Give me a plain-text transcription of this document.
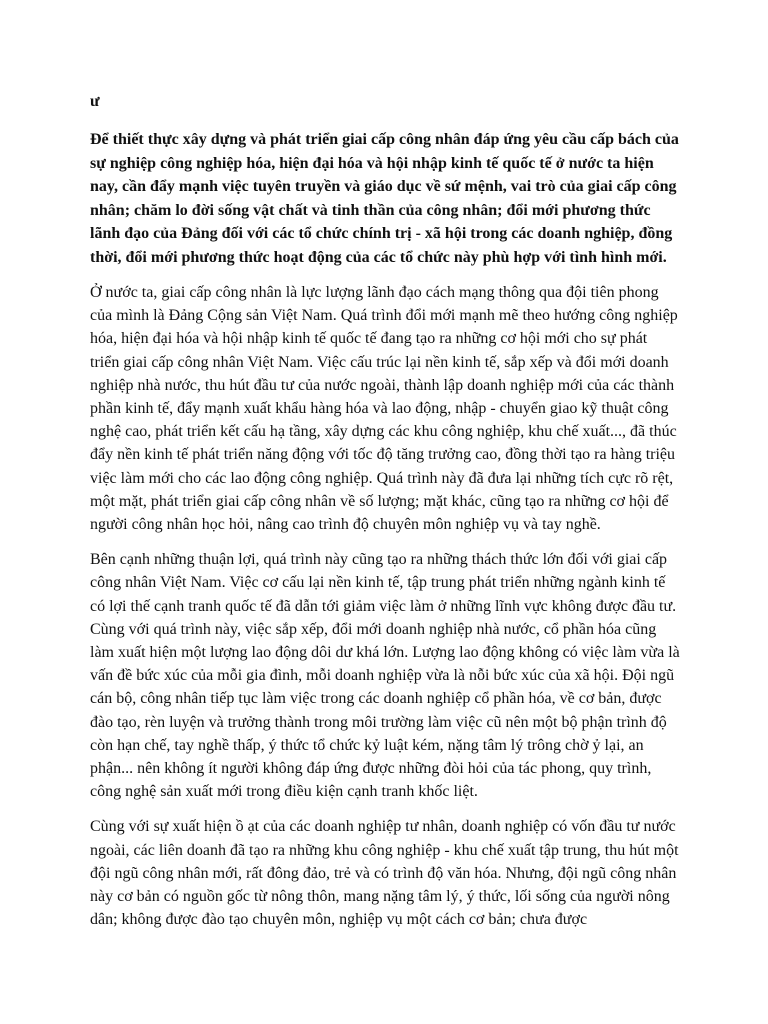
ư

Để thiết thực xây dựng và phát triển giai cấp công nhân đáp ứng yêu cầu cấp bách của sự nghiệp công nghiệp hóa, hiện đại hóa và hội nhập kinh tế quốc tế ở nước ta hiện nay, cần đẩy mạnh việc tuyên truyền và giáo dục về sứ mệnh, vai trò của giai cấp công nhân; chăm lo đời sống vật chất và tinh thần của công nhân; đổi mới phương thức lãnh đạo của Đảng đối với các tổ chức chính trị - xã hội trong các doanh nghiệp, đồng thời, đổi mới phương thức hoạt động của các tổ chức này phù hợp với tình hình mới.

Ở nước ta, giai cấp công nhân là lực lượng lãnh đạo cách mạng thông qua đội tiên phong của mình là Đảng Cộng sản Việt Nam. Quá trình đổi mới mạnh mẽ theo hướng công nghiệp hóa, hiện đại hóa và hội nhập kinh tế quốc tế đang tạo ra những cơ hội mới cho sự phát triển giai cấp công nhân Việt Nam. Việc cấu trúc lại nền kinh tế, sắp xếp và đổi mới doanh nghiệp nhà nước, thu hút đầu tư của nước ngoài, thành lập doanh nghiệp mới của các thành phần kinh tế, đẩy mạnh xuất khẩu hàng hóa và lao động, nhập - chuyển giao kỹ thuật công nghệ cao, phát triển kết cấu hạ tầng, xây dựng các khu công nghiệp, khu chế xuất..., đã thúc đẩy nền kinh tế phát triển năng động với tốc độ tăng trưởng cao, đồng thời tạo ra hàng triệu việc làm mới cho các lao động công nghiệp. Quá trình này đã đưa lại những tích cực rõ rệt, một mặt, phát triển giai cấp công nhân về số lượng; mặt khác, cũng tạo ra những cơ hội để người công nhân học hỏi, nâng cao trình độ chuyên môn nghiệp vụ và tay nghề.

Bên cạnh những thuận lợi, quá trình này cũng tạo ra những thách thức lớn đối với giai cấp công nhân Việt Nam. Việc cơ cấu lại nền kinh tế, tập trung phát triển những ngành kinh tế có lợi thế cạnh tranh quốc tế đã dẫn tới giảm việc làm ở những lĩnh vực không được đầu tư. Cùng với quá trình này, việc sắp xếp, đổi mới doanh nghiệp nhà nước, cổ phần hóa cũng làm xuất hiện một lượng lao động dôi dư khá lớn. Lượng lao động không có việc làm vừa là vấn đề bức xúc của mỗi gia đình, mỗi doanh nghiệp vừa là nỗi bức xúc của xã hội. Đội ngũ cán bộ, công nhân tiếp tục làm việc trong các doanh nghiệp cổ phần hóa, về cơ bản, được đào tạo, rèn luyện và trưởng thành trong môi trường làm việc cũ nên một bộ phận trình độ còn hạn chế, tay nghề thấp, ý thức tổ chức kỷ luật kém, nặng tâm lý trông chờ ỷ lại, an phận... nên không ít người không đáp ứng được những đòi hỏi của tác phong, quy trình, công nghệ sản xuất mới trong điều kiện cạnh tranh khốc liệt.

Cùng với sự xuất hiện ồ ạt của các doanh nghiệp tư nhân, doanh nghiệp có vốn đầu tư nước ngoài, các liên doanh đã tạo ra những khu công nghiệp - khu chế xuất tập trung, thu hút một đội ngũ công nhân mới, rất đông đảo, trẻ và có trình độ văn hóa. Nhưng, đội ngũ công nhân này cơ bản có nguồn gốc từ nông thôn, mang nặng tâm lý, ý thức, lối sống của người nông dân; không được đào tạo chuyên môn, nghiệp vụ một cách cơ bản; chưa được
